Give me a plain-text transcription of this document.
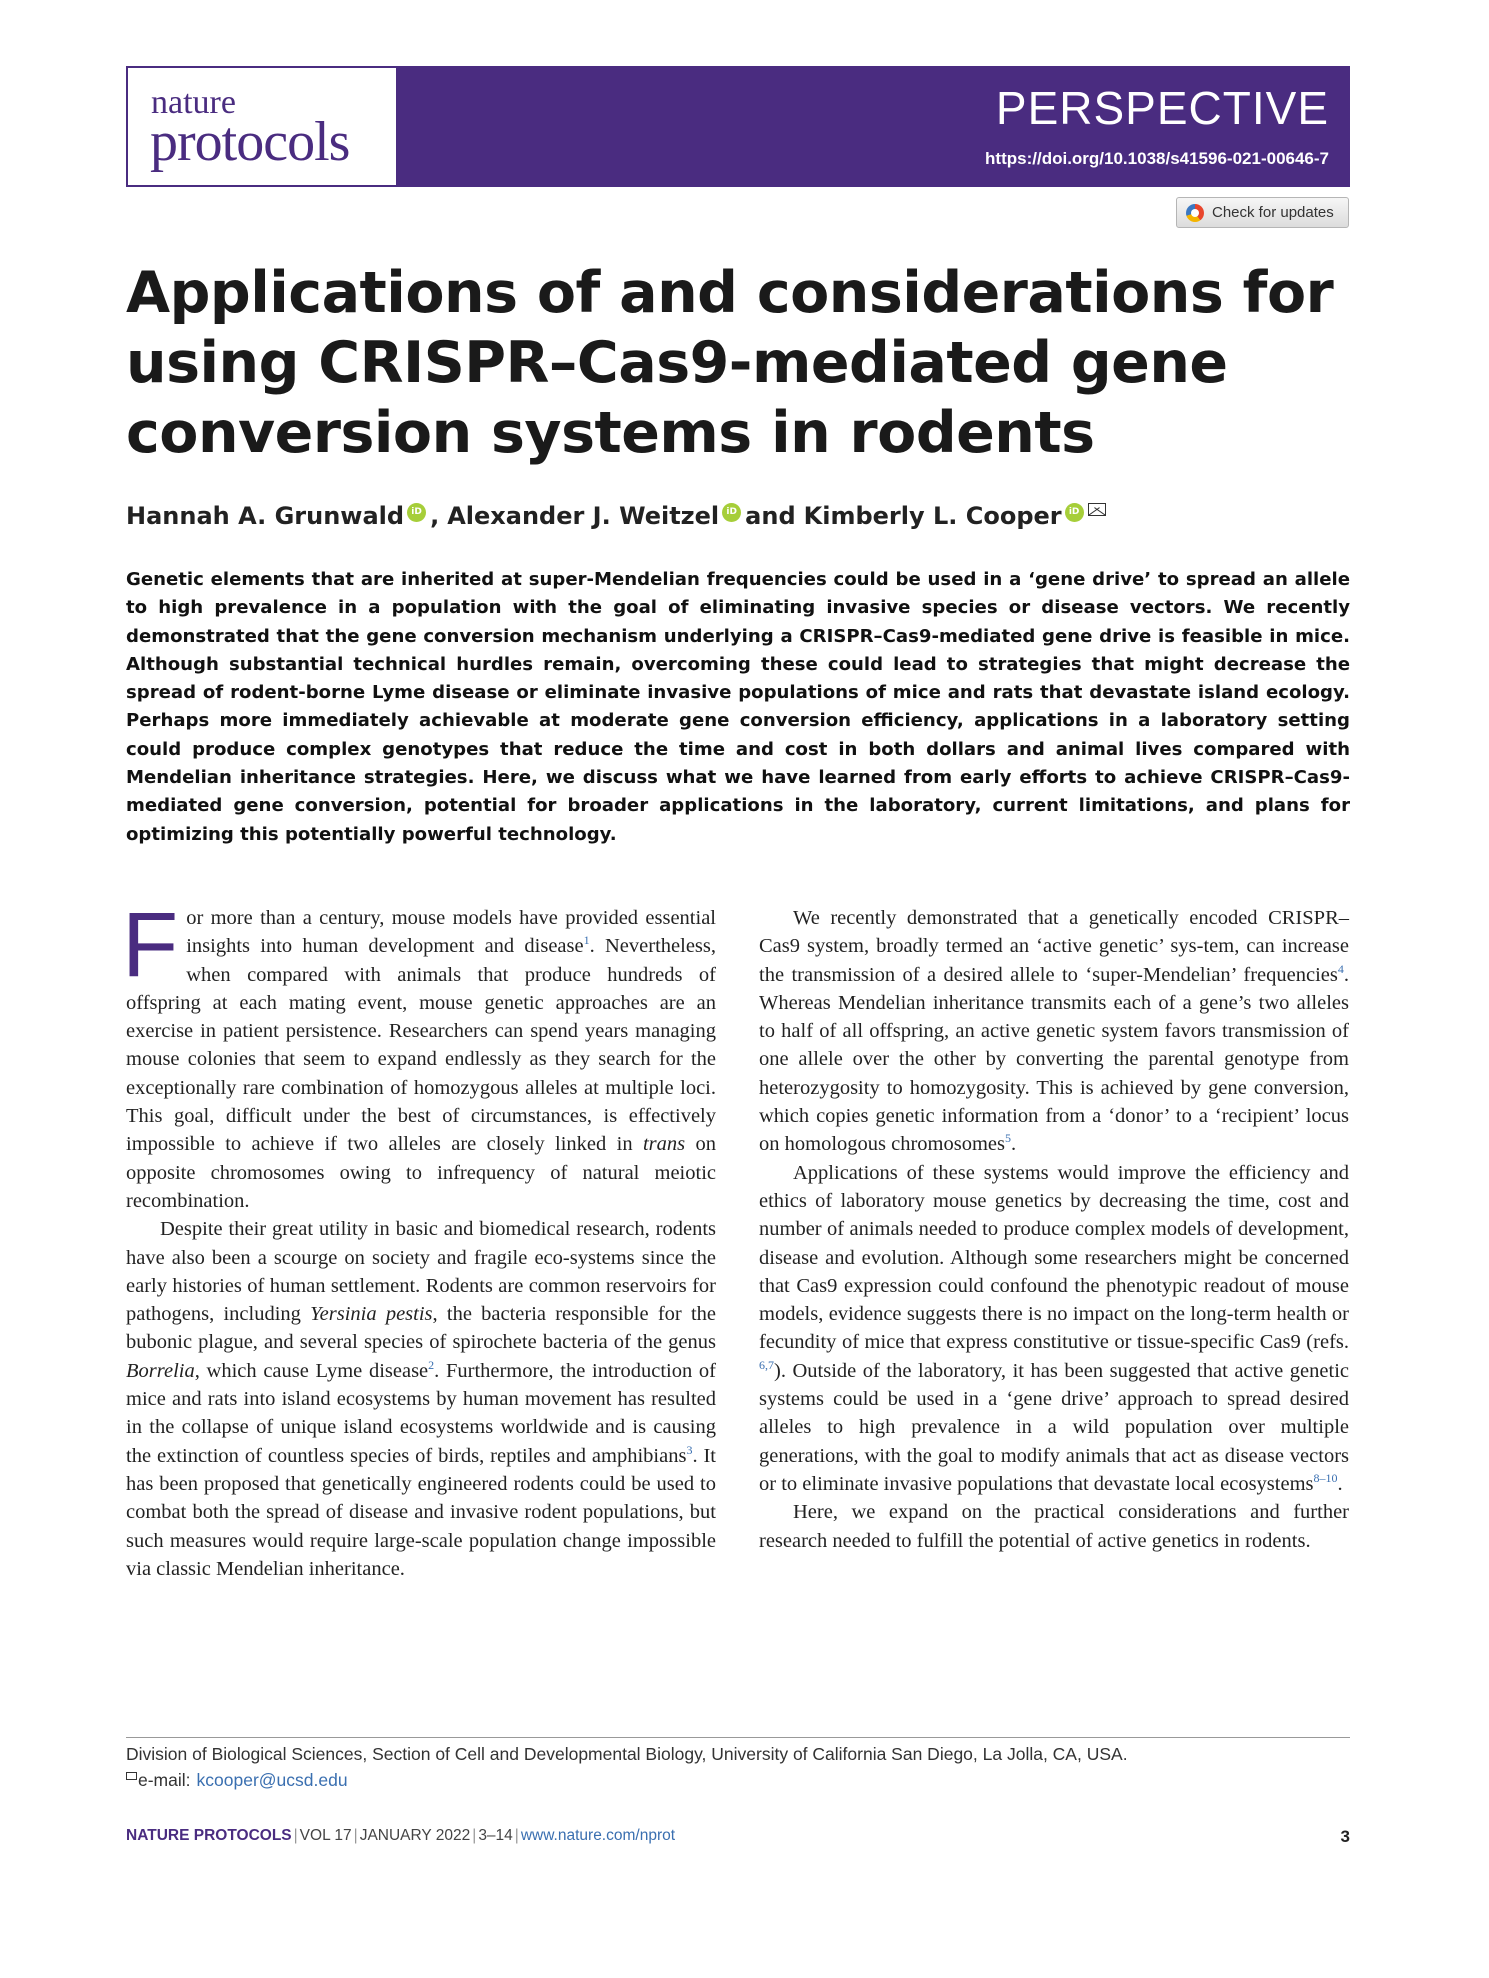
nature
protocols
PERSPECTIVE
https://doi.org/10.1038/s41596-021-00646-7
Check for updates
Applications of and considerations for using CRISPR–Cas9-mediated gene conversion systems in rodents
Hannah A. Grunwald iD , Alexander J. Weitzel iD and Kimberly L. Cooper iD

Genetic elements that are inherited at super-Mendelian frequencies could be used in a ‘gene drive’ to spread an allele to high prevalence in a population with the goal of eliminating invasive species or disease vectors. We recently demonstrated that the gene conversion mechanism underlying a CRISPR–Cas9-mediated gene drive is feasible in mice. Although substantial technical hurdles remain, overcoming these could lead to strategies that might decrease the spread of rodent-borne Lyme disease or eliminate invasive populations of mice and rats that devastate island ecology. Perhaps more immediately achievable at moderate gene conversion efficiency, applications in a laboratory setting could produce complex genotypes that reduce the time and cost in both dollars and animal lives compared with Mendelian inheritance strategies. Here, we discuss what we have learned from early efforts to achieve CRISPR–Cas9-mediated gene conversion, potential for broader applications in the laboratory, current limitations, and plans for optimizing this potentially powerful technology.

For more than a century, mouse models have provided essential insights into human development and disease$^1$. Nevertheless, when compared with animals that produce hundreds of offspring at each mating event, mouse genetic approaches are an exercise in patient persistence. Researchers can spend years managing mouse colonies that seem to expand endlessly as they search for the exceptionally rare combination of homozygous alleles at multiple loci. This goal, difficult under the best of circumstances, is effectively impossible to achieve if two alleles are closely linked in trans on opposite chromosomes owing to infrequency of natural meiotic recombination.

Despite their great utility in basic and biomedical research, rodents have also been a scourge on society and fragile eco-systems since the early histories of human settlement. Rodents are common reservoirs for pathogens, including Yersinia pestis, the bacteria responsible for the bubonic plague, and several species of spirochete bacteria of the genus Borrelia, which cause Lyme disease$^2$. Furthermore, the introduction of mice and rats into island ecosystems by human movement has resulted in the collapse of unique island ecosystems worldwide and is causing the extinction of countless species of birds, reptiles and amphibians$^3$. It has been proposed that genetically engineered rodents could be used to combat both the spread of disease and invasive rodent populations, but such measures would require large-scale population change impossible via classic Mendelian inheritance.

We recently demonstrated that a genetically encoded CRISPR–Cas9 system, broadly termed an ‘active genetic’ sys-tem, can increase the transmission of a desired allele to ‘super-Mendelian’ frequencies$^4$. Whereas Mendelian inheritance transmits each of a gene’s two alleles to half of all offspring, an active genetic system favors transmission of one allele over the other by converting the parental genotype from heterozygosity to homozygosity. This is achieved by gene conversion, which copies genetic information from a ‘donor’ to a ‘recipient’ locus on homologous chromosomes$^5$.

Applications of these systems would improve the efficiency and ethics of laboratory mouse genetics by decreasing the time, cost and number of animals needed to produce complex models of development, disease and evolution. Although some researchers might be concerned that Cas9 expression could confound the phenotypic readout of mouse models, evidence suggests there is no impact on the long-term health or fecundity of mice that express constitutive or tissue-specific Cas9 (refs. $^{6,7}$). Outside of the laboratory, it has been suggested that active genetic systems could be used in a ‘gene drive’ approach to spread desired alleles to high prevalence in a wild population over multiple generations, with the goal to modify animals that act as disease vectors or to eliminate invasive populations that devastate local ecosystems$^{8-10}$.

Here, we expand on the practical considerations and further research needed to fulfill the potential of active genetics in rodents.

Division of Biological Sciences, Section of Cell and Developmental Biology, University of California San Diego, La Jolla, CA, USA.
e-mail: kcooper@ucsd.edu
NATURE PROTOCOLS | VOL 17 | JANUARY 2022 | 3–14 | www.nature.com/nprot	3
